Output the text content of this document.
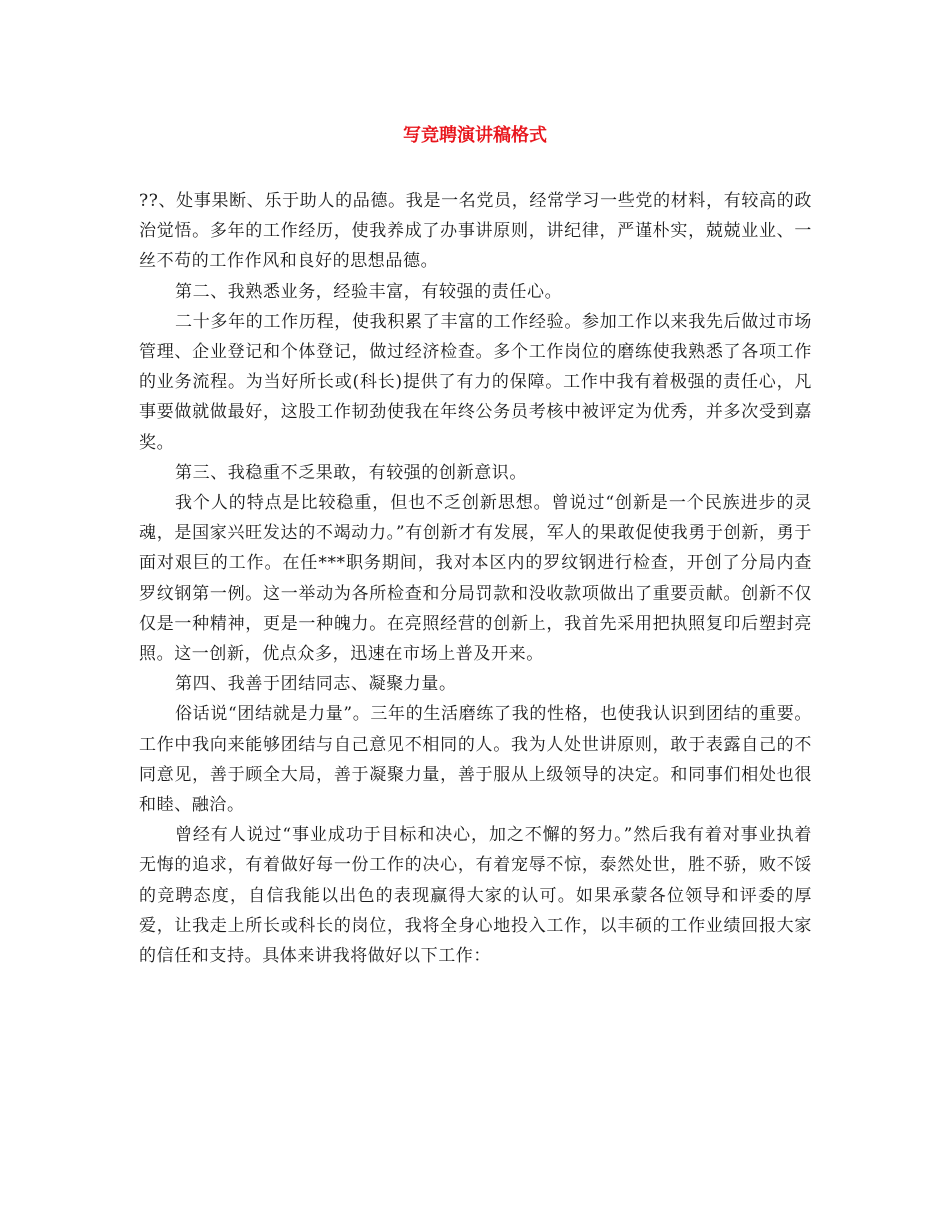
写竞聘演讲稿格式

??、处事果断、乐于助人的品德。我是一名党员，经常学习一些党的材料，有较高的政治觉悟。多年的工作经历，使我养成了办事讲原则，讲纪律，严谨朴实，兢兢业业、一丝不苟的工作作风和良好的思想品德。

第二、我熟悉业务，经验丰富，有较强的责任心。

二十多年的工作历程，使我积累了丰富的工作经验。参加工作以来我先后做过市场管理、企业登记和个体登记，做过经济检查。多个工作岗位的磨练使我熟悉了各项工作的业务流程。为当好所长或(科长)提供了有力的保障。工作中我有着极强的责任心，凡事要做就做最好，这股工作韧劲使我在年终公务员考核中被评定为优秀，并多次受到嘉奖。

第三、我稳重不乏果敢，有较强的创新意识。

我个人的特点是比较稳重，但也不乏创新思想。曾说过“创新是一个民族进步的灵魂，是国家兴旺发达的不竭动力。”有创新才有发展，军人的果敢促使我勇于创新，勇于面对艰巨的工作。在任***职务期间，我对本区内的罗纹钢进行检查，开创了分局内查罗纹钢第一例。这一举动为各所检查和分局罚款和没收款项做出了重要贡献。创新不仅仅是一种精神，更是一种魄力。在亮照经营的创新上，我首先采用把执照复印后塑封亮照。这一创新，优点众多，迅速在市场上普及开来。

第四、我善于团结同志、凝聚力量。

俗话说“团结就是力量”。三年的生活磨练了我的性格，也使我认识到团结的重要。工作中我向来能够团结与自己意见不相同的人。我为人处世讲原则，敢于表露自己的不同意见，善于顾全大局，善于凝聚力量，善于服从上级领导的决定。和同事们相处也很和睦、融洽。

曾经有人说过“事业成功于目标和决心，加之不懈的努力。”然后我有着对事业执着无悔的追求，有着做好每一份工作的决心，有着宠辱不惊，泰然处世，胜不骄，败不馁的竞聘态度，自信我能以出色的表现赢得大家的认可。如果承蒙各位领导和评委的厚爱，让我走上所长或科长的岗位，我将全身心地投入工作，以丰硕的工作业绩回报大家的信任和支持。具体来讲我将做好以下工作：
